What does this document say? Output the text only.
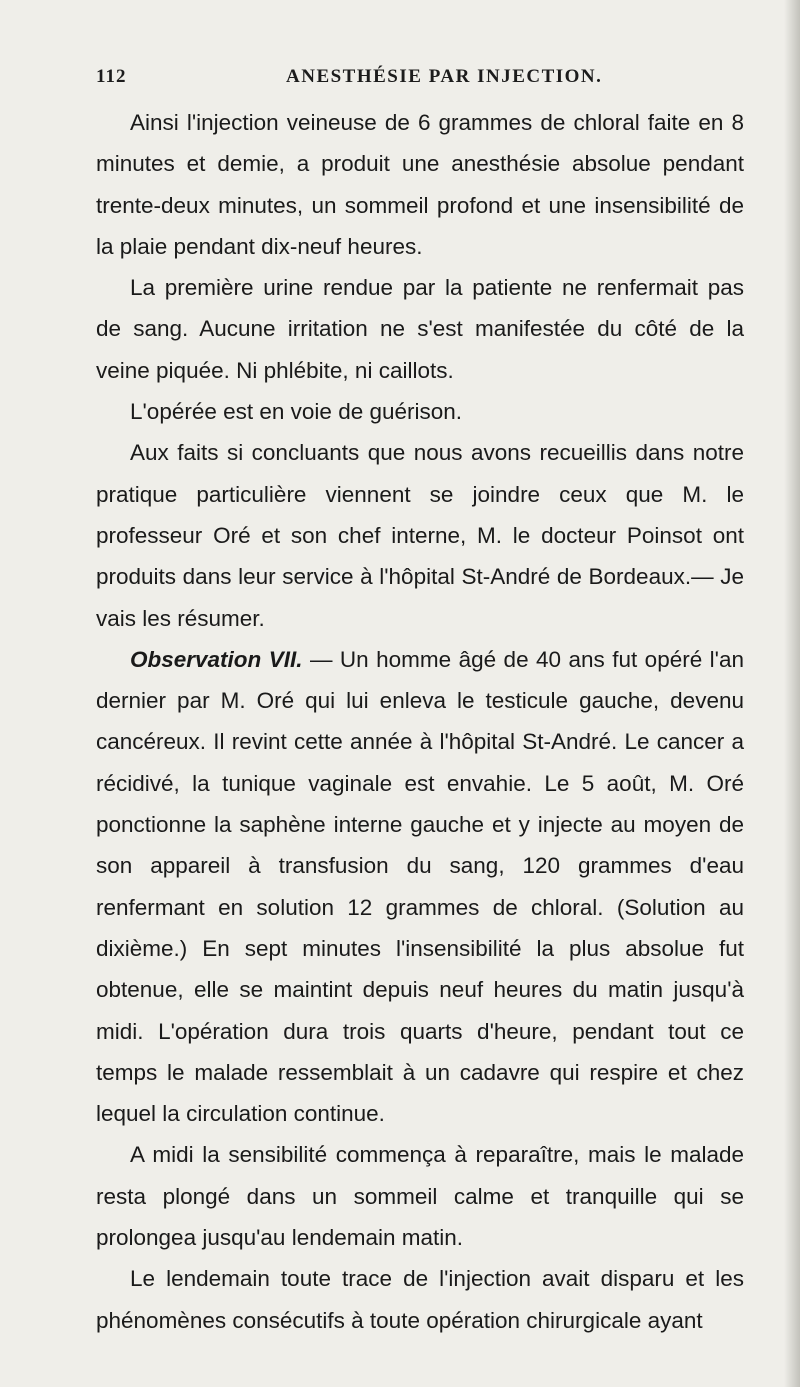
112	ANESTHÉSIE PAR INJECTION.

Ainsi l'injection veineuse de 6 grammes de chloral faite en 8 minutes et demie, a produit une anesthésie absolue pendant trente-deux minutes, un sommeil profond et une insensibilité de la plaie pendant dix-neuf heures.

La première urine rendue par la patiente ne renfermait pas de sang. Aucune irritation ne s'est manifestée du côté de la veine piquée. Ni phlébite, ni caillots.

L'opérée est en voie de guérison.

Aux faits si concluants que nous avons recueillis dans notre pratique particulière viennent se joindre ceux que M. le professeur Oré et son chef interne, M. le docteur Poinsot ont produits dans leur service à l'hôpital St-André de Bordeaux.— Je vais les résumer.

Observation VII. — Un homme âgé de 40 ans fut opéré l'an dernier par M. Oré qui lui enleva le testicule gauche, devenu cancéreux. Il revint cette année à l'hôpital St-André. Le cancer a récidivé, la tunique vaginale est envahie. Le 5 août, M. Oré ponctionne la saphène interne gauche et y injecte au moyen de son appareil à transfusion du sang, 120 grammes d'eau renfermant en solution 12 grammes de chloral. (Solution au dixième.) En sept minutes l'insensibilité la plus absolue fut obtenue, elle se maintint depuis neuf heures du matin jusqu'à midi. L'opération dura trois quarts d'heure, pendant tout ce temps le malade ressemblait à un cadavre qui respire et chez lequel la circulation continue.

A midi la sensibilité commença à reparaître, mais le malade resta plongé dans un sommeil calme et tranquille qui se prolongea jusqu'au lendemain matin.

Le lendemain toute trace de l'injection avait disparu et les phénomènes consécutifs à toute opération chirurgicale ayant
